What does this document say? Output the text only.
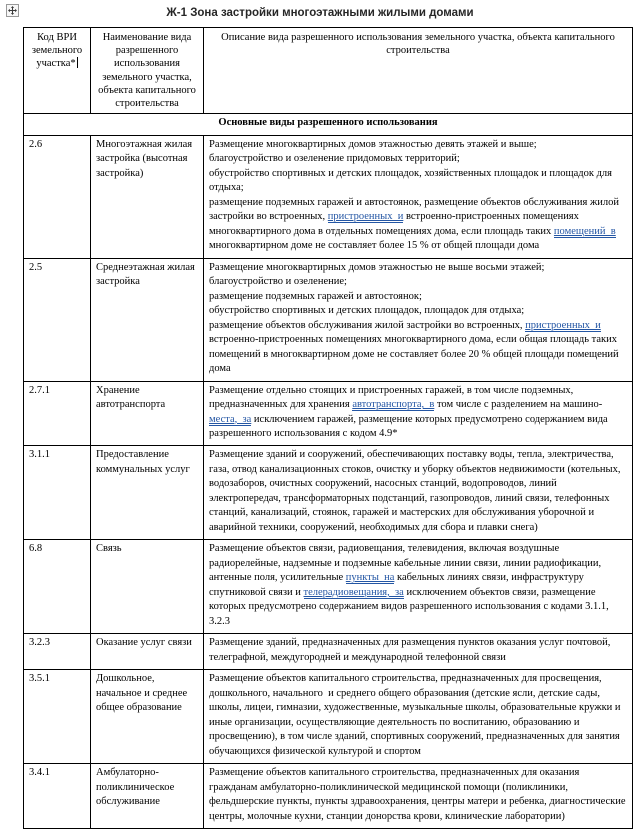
Ж-1 Зона застройки многоэтажными жилыми домами
Код ВРИ земельного участка*	Наименование вида разрешенного использования земельного участка, объекта капитального строительства	Описание вида разрешенного использования земельного участка, объекта капитального строительства
Основные виды разрешенного использования		
2.6	Многоэтажная жилая застройка (высотная застройка)	Размещение многоквартирных домов этажностью девять этажей и выше;
благоустройство и озеленение придомовых территорий;
обустройство спортивных и детских площадок, хозяйственных площадок и площадок для отдыха;
размещение подземных гаражей и автостоянок, размещение объектов обслуживания жилой застройки во встроенных, пристроенных  и встроенно-пристроенных помещениях многоквартирного дома в отдельных помещениях дома, если площадь таких помещений  в многоквартирном доме не составляет более 15 % от общей площади дома

2.5	Среднеэтажная жилая застройка	Размещение многоквартирных домов этажностью не выше восьми этажей;
благоустройство и озеленение;
размещение подземных гаражей и автостоянок;
обустройство спортивных и детских площадок, площадок для отдыха;
размещение объектов обслуживания жилой застройки во встроенных, пристроенных  и встроенно-пристроенных помещениях многоквартирного дома, если общая площадь таких помещений в многоквартирном доме не составляет более 20 % общей площади помещений дома

2.7.1	Хранение автотранспорта	Размещение отдельно стоящих и пристроенных гаражей, в том числе подземных, предназначенных для хранения автотранспорта,  в том числе с разделением на машино-места,  за исключением гаражей, размещение которых предусмотрено содержанием вида разрешенного использования с кодом 4.9*

3.1.1	Предоставление коммунальных услуг	Размещение зданий и сооружений, обеспечивающих поставку воды, тепла, электричества, газа, отвод канализационных стоков, очистку и уборку объектов недвижимости (котельных, водозаборов, очистных сооружений, насосных станций, водопроводов, линий электропередач, трансформаторных подстанций, газопроводов, линий связи, телефонных станций, канализаций, стоянок, гаражей и мастерских для обслуживания уборочной и аварийной техники, сооружений, необходимых для сбора и плавки снега)

6.8	Связь	Размещение объектов связи, радиовещания, телевидения, включая воздушные радиорелейные, надземные и подземные кабельные линии связи, линии радиофикации, антенные поля, усилительные пункты  на кабельных линиях связи, инфраструктуру спутниковой связи и телерадиовещания,  за исключением объектов связи, размещение которых предусмотрено содержанием видов разрешенного использования с кодами 3.1.1, 3.2.3

3.2.3	Оказание услуг связи	Размещение зданий, предназначенных для размещения пунктов оказания услуг почтовой, телеграфной, междугородней и международной телефонной связи

3.5.1	Дошкольное, начальное и среднее общее образование	Размещение объектов капитального строительства, предназначенных для просвещения, дошкольного, начального  и среднего общего образования (детские ясли, детские сады, школы, лицеи, гимназии, художественные, музыкальные школы, образовательные кружки и иные организации, осуществляющие деятельность по воспитанию, образованию и просвещению), в том числе зданий, спортивных сооружений, предназначенных для занятия обучающихся физической культурой и спортом

3.4.1	Амбулаторно-поликлиническое обслуживание	Размещение объектов капитального строительства, предназначенных для оказания гражданам амбулаторно-поликлинической медицинской помощи (поликлиники, фельдшерские пункты, пункты здравоохранения, центры матери и ребенка, диагностические центры, молочные кухни, станции донорства крови, клинические лаборатории)
